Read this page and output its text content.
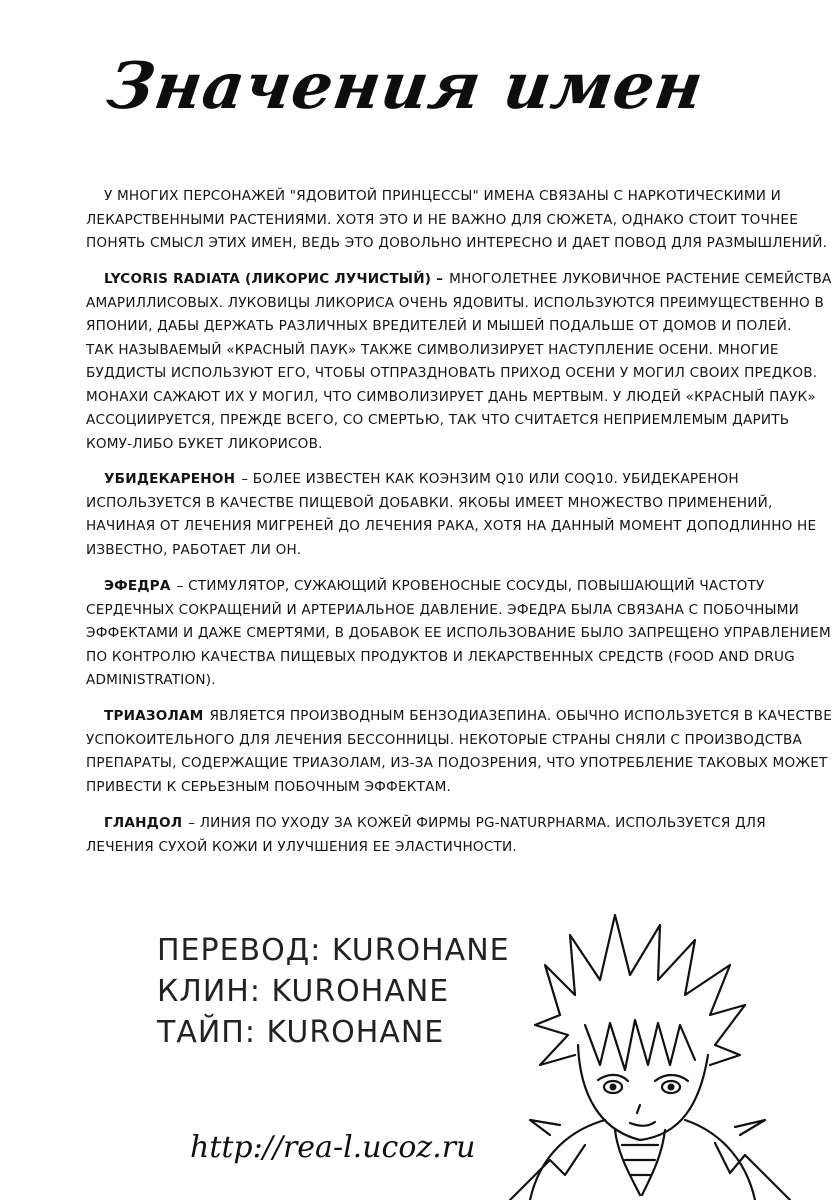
Значения имен
У МНОГИХ ПЕРСОНАЖЕЙ "ЯДОВИТОЙ ПРИНЦЕССЫ" ИМЕНА СВЯЗАНЫ С НАРКОТИЧЕСКИМИ И
ЛЕКАРСТВЕННЫМИ РАСТЕНИЯМИ. ХОТЯ ЭТО И НЕ ВАЖНО ДЛЯ СЮЖЕТА, ОДНАКО СТОИТ ТОЧНЕЕ
ПОНЯТЬ СМЫСЛ ЭТИХ ИМЕН, ВЕДЬ ЭТО ДОВОЛЬНО ИНТЕРЕСНО И ДАЕТ ПОВОД ДЛЯ РАЗМЫШЛЕНИЙ.
LYCORIS RADIATA (ЛИКОРИС ЛУЧИСТЫЙ) – МНОГОЛЕТНЕЕ ЛУКОВИЧНОЕ РАСТЕНИЕ СЕМЕЙСТВА
АМАРИЛЛИСОВЫХ. ЛУКОВИЦЫ ЛИКОРИСА ОЧЕНЬ ЯДОВИТЫ. ИСПОЛЬЗУЮТСЯ ПРЕИМУЩЕСТВЕННО В
ЯПОНИИ, ДАБЫ ДЕРЖАТЬ РАЗЛИЧНЫХ ВРЕДИТЕЛЕЙ И МЫШЕЙ ПОДАЛЬШЕ ОТ ДОМОВ И ПОЛЕЙ.
ТАК НАЗЫВАЕМЫЙ «КРАСНЫЙ ПАУК» ТАКЖЕ СИМВОЛИЗИРУЕТ НАСТУПЛЕНИЕ ОСЕНИ. МНОГИЕ
БУДДИСТЫ ИСПОЛЬЗУЮТ ЕГО, ЧТОБЫ ОТПРАЗДНОВАТЬ ПРИХОД ОСЕНИ У МОГИЛ СВОИХ ПРЕДКОВ.
МОНАХИ САЖАЮТ ИХ У МОГИЛ, ЧТО СИМВОЛИЗИРУЕТ ДАНЬ МЕРТВЫМ. У ЛЮДЕЙ «КРАСНЫЙ ПАУК»
АССОЦИИРУЕТСЯ, ПРЕЖДЕ ВСЕГО, СО СМЕРТЬЮ, ТАК ЧТО СЧИТАЕТСЯ НЕПРИЕМЛЕМЫМ ДАРИТЬ
КОМУ-ЛИБО БУКЕТ ЛИКОРИСОВ.
УБИДЕКАРЕНОН – БОЛЕЕ ИЗВЕСТЕН КАК КОЭНЗИМ Q10 ИЛИ COQ10. УБИДЕКАРЕНОН
ИСПОЛЬЗУЕТСЯ В КАЧЕСТВЕ ПИЩЕВОЙ ДОБАВКИ. ЯКОБЫ ИМЕЕТ МНОЖЕСТВО ПРИМЕНЕНИЙ,
НАЧИНАЯ ОТ ЛЕЧЕНИЯ МИГРЕНЕЙ ДО ЛЕЧЕНИЯ РАКА, ХОТЯ НА ДАННЫЙ МОМЕНТ ДОПОДЛИННО НЕ
ИЗВЕСТНО, РАБОТАЕТ ЛИ ОН.
ЭФЕДРА – СТИМУЛЯТОР, СУЖАЮЩИЙ КРОВЕНОСНЫЕ СОСУДЫ, ПОВЫШАЮЩИЙ ЧАСТОТУ
СЕРДЕЧНЫХ СОКРАЩЕНИЙ И АРТЕРИАЛЬНОЕ ДАВЛЕНИЕ. ЭФЕДРА БЫЛА СВЯЗАНА С ПОБОЧНЫМИ
ЭФФЕКТАМИ И ДАЖЕ СМЕРТЯМИ, В ДОБАВОК ЕЕ ИСПОЛЬЗОВАНИЕ БЫЛО ЗАПРЕЩЕНО УПРАВЛЕНИЕМ
ПО КОНТРОЛЮ КАЧЕСТВА ПИЩЕВЫХ ПРОДУКТОВ И ЛЕКАРСТВЕННЫХ СРЕДСТВ (FOOD AND DRUG
ADMINISTRATION).
ТРИАЗОЛАМ ЯВЛЯЕТСЯ ПРОИЗВОДНЫМ БЕНЗОДИАЗЕПИНА. ОБЫЧНО ИСПОЛЬЗУЕТСЯ В КАЧЕСТВЕ
УСПОКОИТЕЛЬНОГО ДЛЯ ЛЕЧЕНИЯ БЕССОННИЦЫ. НЕКОТОРЫЕ СТРАНЫ СНЯЛИ С ПРОИЗВОДСТВА
ПРЕПАРАТЫ, СОДЕРЖАЩИЕ ТРИАЗОЛАМ, ИЗ-ЗА ПОДОЗРЕНИЯ, ЧТО УПОТРЕБЛЕНИЕ ТАКОВЫХ МОЖЕТ
ПРИВЕСТИ К СЕРЬЕЗНЫМ ПОБОЧНЫМ ЭФФЕКТАМ.
ГЛАНДОЛ – ЛИНИЯ ПО УХОДУ ЗА КОЖЕЙ ФИРМЫ PG-NATURPHARMA. ИСПОЛЬЗУЕТСЯ ДЛЯ
ЛЕЧЕНИЯ СУХОЙ КОЖИ И УЛУЧШЕНИЯ ЕЕ ЭЛАСТИЧНОСТИ.
ПЕРЕВОД: KUROHANE
КЛИН: KUROHANE
ТАЙП: KUROHANE
http://rea-l.ucoz.ru
